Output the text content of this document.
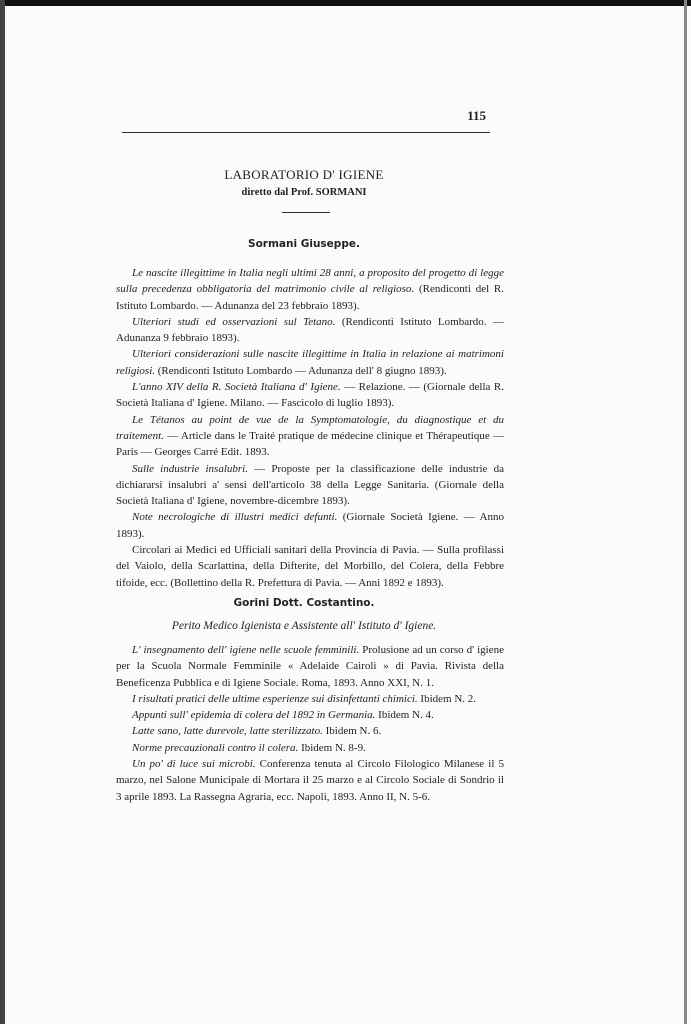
115
LABORATORIO D' IGIENE
diretto dal Prof. SORMANI
Sormani Giuseppe.

Le nascite illegittime in Italia negli ultimi 28 anni, a proposito del progetto di legge sulla precedenza obbligatoria del matrimonio civile al religioso. (Rendiconti del R. Istituto Lombardo. — Adunanza del 23 febbraio 1893).

Ulteriori studi ed osservazioni sul Tetano. (Rendiconti Istituto Lombardo. — Adunanza 9 febbraio 1893).

Ulteriori considerazioni sulle nascite illegittime in Italia in relazione ai matrimoni religiosi. (Rendiconti Istituto Lombardo — Adunanza dell' 8 giugno 1893).

L'anno XIV della R. Società Italiana d' Igiene. — Relazione. — (Giornale della R. Società Italiana d' Igiene. Milano. — Fascicolo di luglio 1893).

Le Tétanos au point de vue de la Symptomatologie, du diagnostique et du traitement. — Article dans le Traité pratique de médecine clinique et Thérapeutique — Paris — Georges Carré Edit. 1893.

Sulle industrie insalubri. — Proposte per la classificazione delle industrie da dichiararsi insalubri a' sensi dell'articolo 38 della Legge Sanitaria. (Giornale della Società Italiana d' Igiene, novembre-dicembre 1893).

Note necrologiche di illustri medici defunti. (Giornale Società Igiene. — Anno 1893).

Circolari ai Medici ed Ufficiali sanitari della Provincia di Pavia. — Sulla profilassi del Vaiolo, della Scarlattina, della Difterite, del Morbillo, del Colera, della Febbre tifoide, ecc. (Bollettino della R. Prefettura di Pavia. — Anni 1892 e 1893).

Gorini Dott. Costantino.
Perito Medico Igienista e Assistente all' Istituto d' Igiene.

L' insegnamento dell' igiene nelle scuole femminili. Prolusione ad un corso d' igiene per la Scuola Normale Femminile « Adelaide Cairoli » di Pavia. Rivista della Beneficenza Pubblica e di Igiene Sociale. Roma, 1893. Anno XXI, N. 1.

I risultati pratici delle ultime esperienze sui disinfettanti chimici. Ibidem N. 2.

Appunti sull' epidemia di colera del 1892 in Germania. Ibidem N. 4.

Latte sano, latte durevole, latte sterilizzato. Ibidem N. 6.

Norme precauzionali contro il colera. Ibidem N. 8-9.

Un po' di luce sui microbi. Conferenza tenuta al Circolo Filologico Milanese il 5 marzo, nel Salone Municipale di Mortara il 25 marzo e al Circolo Sociale di Sondrio il 3 aprile 1893. La Rassegna Agraria, ecc. Napoli, 1893. Anno II, N. 5-6.
